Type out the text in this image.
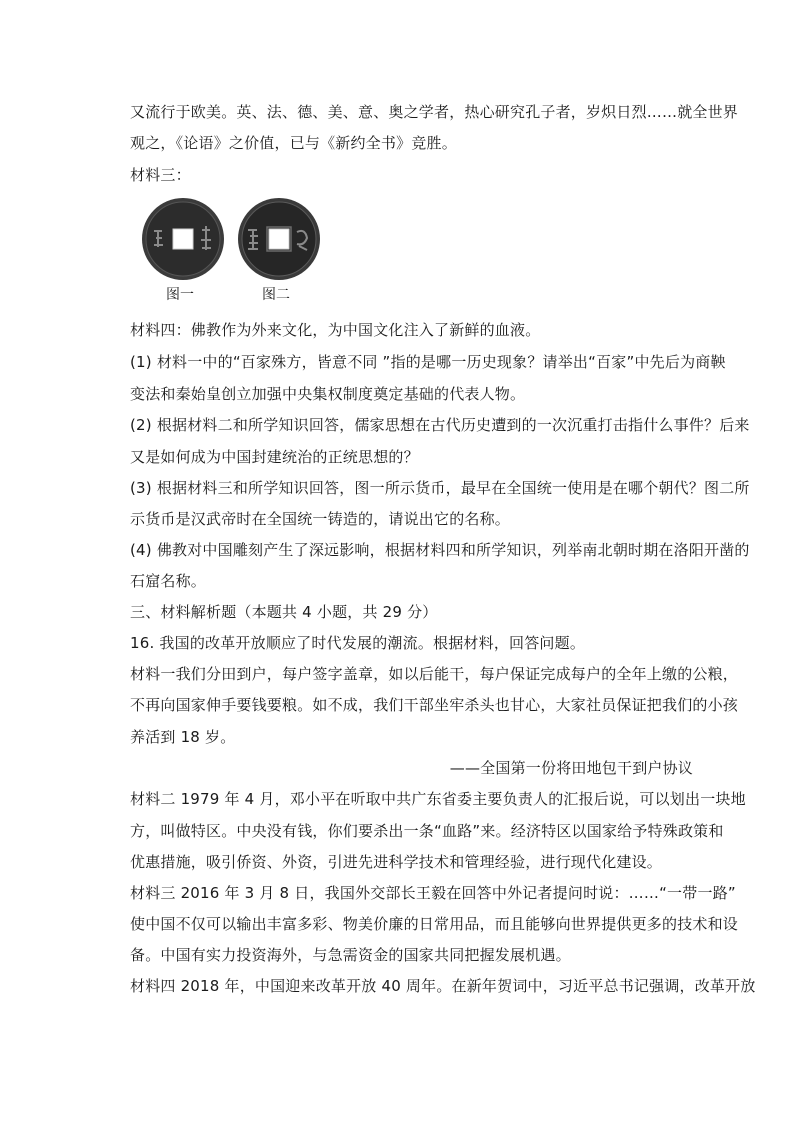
又流行于欧美。英、法、德、美、意、奥之学者，热心研究孔子者，岁炽日烈……就全世界
观之，《论语》之价值，已与《新约全书》竞胜。
材料三：
图一	图二
材料四：佛教作为外来文化，为中国文化注入了新鲜的血液。
(1) 材料一中的“百家殊方，皆意不同 ”指的是哪一历史现象？请举出“百家”中先后为商鞅
变法和秦始皇创立加强中央集权制度奠定基础的代表人物。
(2) 根据材料二和所学知识回答，儒家思想在古代历史遭到的一次沉重打击指什么事件？后来
又是如何成为中国封建统治的正统思想的？
(3) 根据材料三和所学知识回答，图一所示货币，最早在全国统一使用是在哪个朝代？图二所
示货币是汉武帝时在全国统一铸造的，请说出它的名称。
(4) 佛教对中国雕刻产生了深远影响，根据材料四和所学知识，列举南北朝时期在洛阳开凿的
石窟名称。
三、材料解析题（本题共 4 小题，共 29 分）
16. 我国的改革开放顺应了时代发展的潮流。根据材料，回答问题。
材料一我们分田到户，每户签字盖章，如以后能干，每户保证完成每户的全年上缴的公粮，
不再向国家伸手要钱要粮。如不成，我们干部坐牢杀头也甘心，大家社员保证把我们的小孩
养活到 18 岁。
——全国第一份将田地包干到户协议
材料二 1979 年 4 月，邓小平在听取中共广东省委主要负责人的汇报后说，可以划出一块地
方，叫做特区。中央没有钱，你们要杀出一条“血路”来。经济特区以国家给予特殊政策和
优惠措施，吸引侨资、外资，引进先进科学技术和管理经验，进行现代化建设。
材料三 2016 年 3 月 8 日，我国外交部长王毅在回答中外记者提问时说：……“一带一路”
使中国不仅可以输出丰富多彩、物美价廉的日常用品，而且能够向世界提供更多的技术和设
备。中国有实力投资海外，与急需资金的国家共同把握发展机遇。
材料四 2018 年，中国迎来改革开放 40 周年。在新年贺词中，习近平总书记强调，改革开放
